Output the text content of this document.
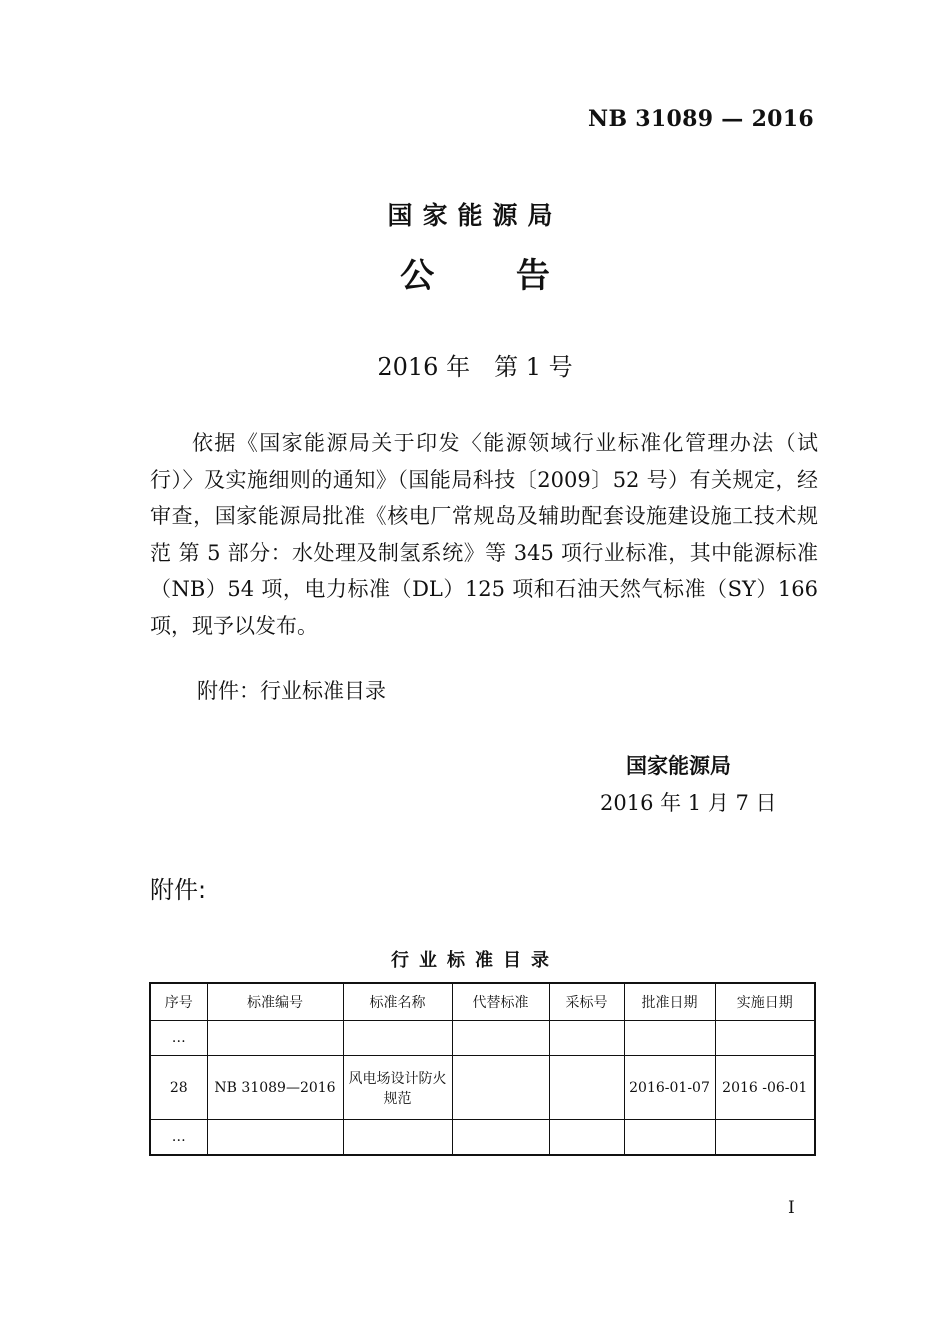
NB 31089 — 2016
国家能源局
公 告
2016 年　第 1 号
依据《国家能源局关于印发〈能源领域行业标准化管理办法（试行）〉及实施细则的通知》（国能局科技〔2009〕52 号）有关规定，经审查，国家能源局批准《核电厂常规岛及辅助配套设施建设施工技术规范 第 5 部分：水处理及制氢系统》等 345 项行业标准，其中能源标准（NB）54 项，电力标准（DL）125 项和石油天然气标准（SY）166 项，现予以发布。
附件：行业标准目录
国家能源局
2016 年 1 月 7 日
附件:
行业标准目录
序号	标准编号	标准名称	代替标准	采标号	批准日期	实施日期
…						
28	NB 31089—2016	风电场设计防火规范			2016-01-07	2016 -06-01
…						
I
